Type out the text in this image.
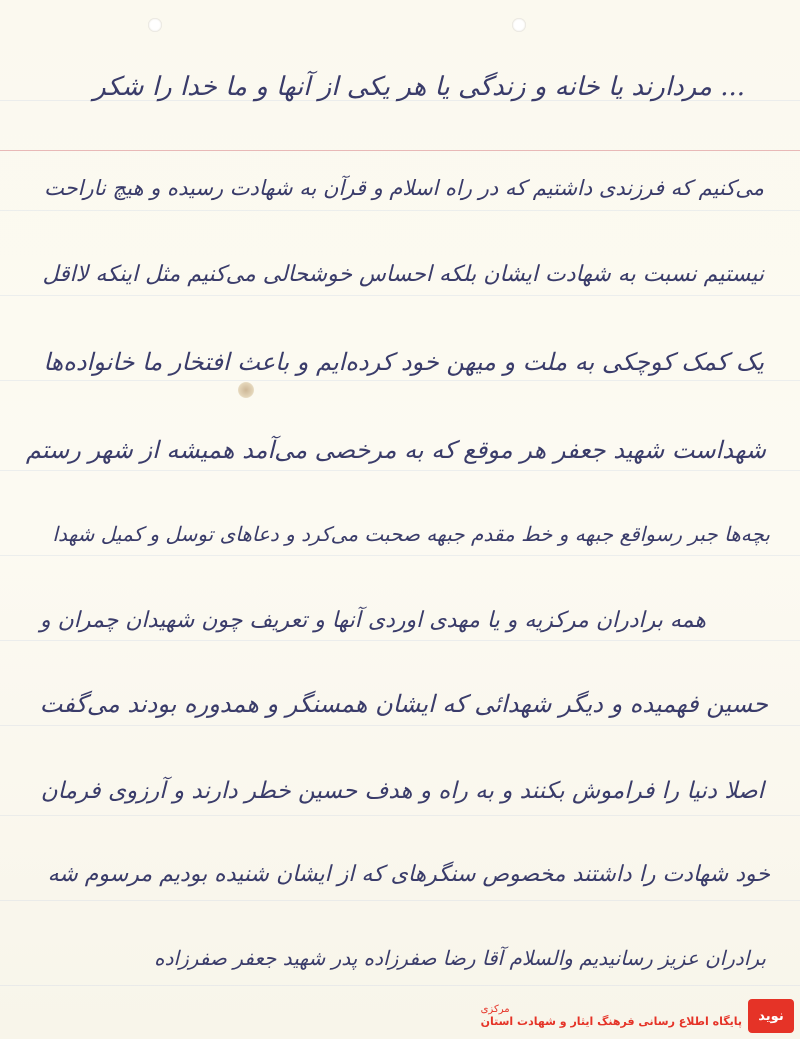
... مردارند یا خانه و زندگی یا هر یکی از آنها و ما خدا را شکر
می‌کنیم که فرزندی داشتیم که در راه اسلام و قرآن به شهادت رسیده و هیچ ناراحت
نیستیم نسبت به شهادت ایشان بلکه احساس خوشحالی می‌کنیم مثل اینکه لااقل
یک کمک کوچکی به ملت و میهن خود کرده‌ایم و باعث افتخار ما خانواده‌ها
شهداست شهید جعفر هر موقع که به مرخصی می‌آمد همیشه از شهر رستم
بچه‌ها جبر رسواقع جبهه و خط مقدم جبهه صحبت می‌کرد و دعاهای توسل و کمیل شهدا
همه برادران مرکزیه و یا مهدی اوردی آنها و تعریف چون شهیدان چمران و
حسین فهمیده و دیگر شهدائی که ایشان همسنگر و همدوره بودند می‌گفت
اصلا دنیا را فراموش بکنند و به راه و هدف حسین خطر دارند و آرزوی فرمان
خود شهادت را داشتند مخصوص سنگرهای که از ایشان شنیده بودیم مرسوم شه
برادران عزیز رسانیدیم والسلام آقا رضا صفرزاده پدر شهید جعفر صفرزاده
نوید
مرکزی
پایگاه اطلاع رسانی فرهنگ ایثار و شهادت استان
